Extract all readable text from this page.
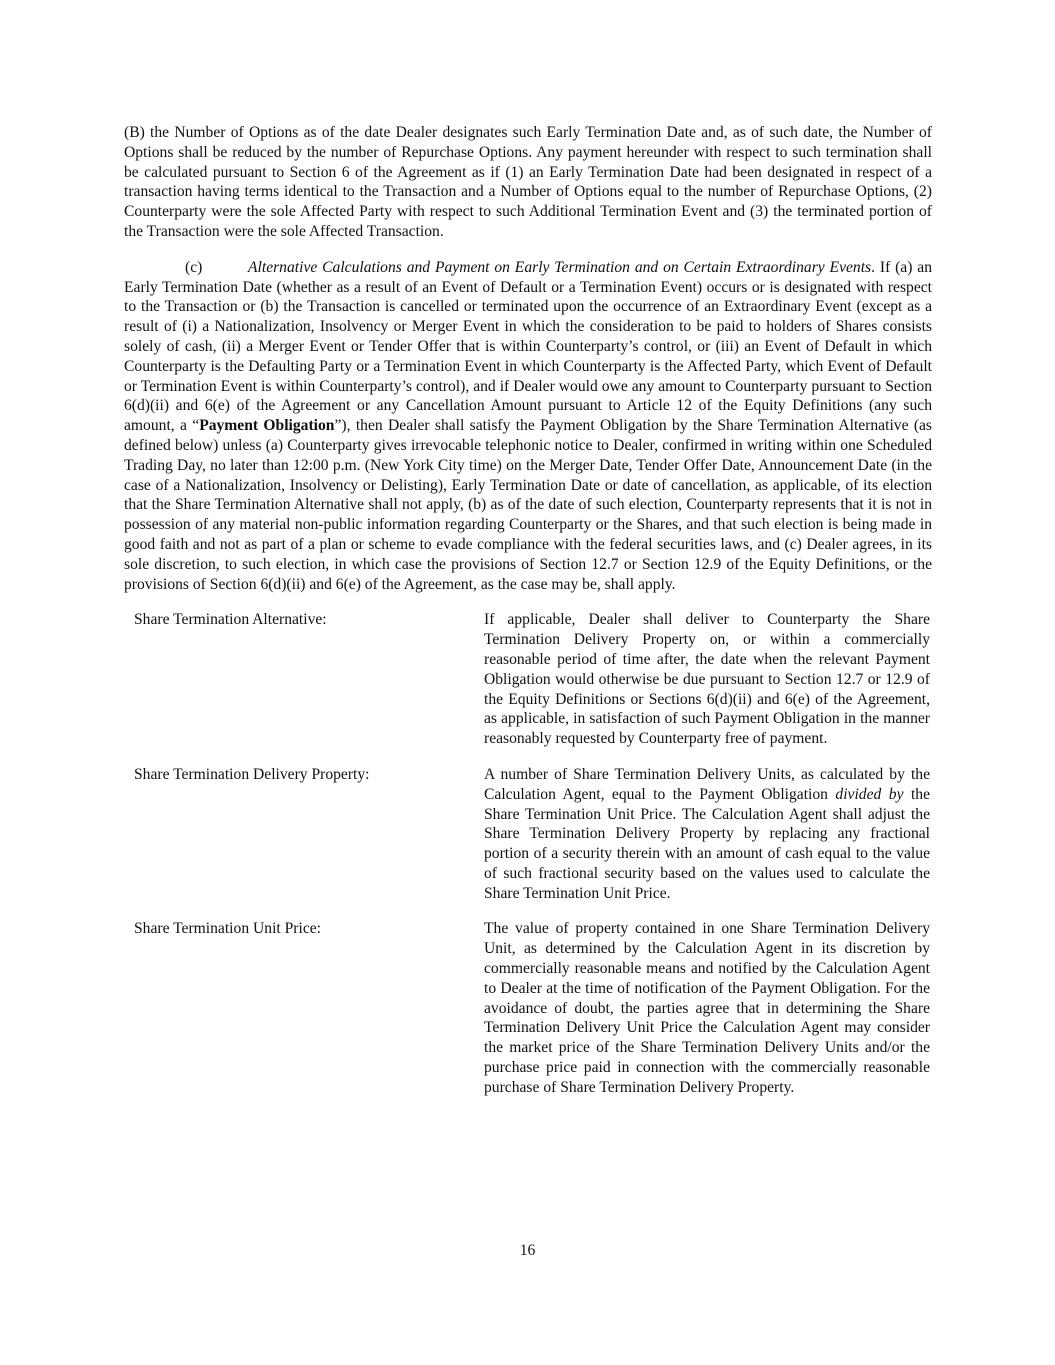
(B) the Number of Options as of the date Dealer designates such Early Termination Date and, as of such date, the Number of Options shall be reduced by the number of Repurchase Options. Any payment hereunder with respect to such termination shall be calculated pursuant to Section 6 of the Agreement as if (1) an Early Termination Date had been designated in respect of a transaction having terms identical to the Transaction and a Number of Options equal to the number of Repurchase Options, (2) Counterparty were the sole Affected Party with respect to such Additional Termination Event and (3) the terminated portion of the Transaction were the sole Affected Transaction.

(c)	Alternative Calculations and Payment on Early Termination and on Certain Extraordinary Events. If (a) an Early Termination Date (whether as a result of an Event of Default or a Termination Event) occurs or is designated with respect to the Transaction or (b) the Transaction is cancelled or terminated upon the occurrence of an Extraordinary Event (except as a result of (i) a Nationalization, Insolvency or Merger Event in which the consideration to be paid to holders of Shares consists solely of cash, (ii) a Merger Event or Tender Offer that is within Counterparty’s control, or (iii) an Event of Default in which Counterparty is the Defaulting Party or a Termination Event in which Counterparty is the Affected Party, which Event of Default or Termination Event is within Counterparty’s control), and if Dealer would owe any amount to Counterparty pursuant to Section 6(d)(ii) and 6(e) of the Agreement or any Cancellation Amount pursuant to Article 12 of the Equity Definitions (any such amount, a “Payment Obligation”), then Dealer shall satisfy the Payment Obligation by the Share Termination Alternative (as defined below) unless (a) Counterparty gives irrevocable telephonic notice to Dealer, confirmed in writing within one Scheduled Trading Day, no later than 12:00 p.m. (New York City time) on the Merger Date, Tender Offer Date, Announcement Date (in the case of a Nationalization, Insolvency or Delisting), Early Termination Date or date of cancellation, as applicable, of its election that the Share Termination Alternative shall not apply, (b) as of the date of such election, Counterparty represents that it is not in possession of any material non-public information regarding Counterparty or the Shares, and that such election is being made in good faith and not as part of a plan or scheme to evade compliance with the federal securities laws, and (c) Dealer agrees, in its sole discretion, to such election, in which case the provisions of Section 12.7 or Section 12.9 of the Equity Definitions, or the provisions of Section 6(d)(ii) and 6(e) of the Agreement, as the case may be, shall apply.

Share Termination Alternative:	If applicable, Dealer shall deliver to Counterparty the Share Termination Delivery Property on, or within a commercially reasonable period of time after, the date when the relevant Payment Obligation would otherwise be due pursuant to Section 12.7 or 12.9 of the Equity Definitions or Sections 6(d)(ii) and 6(e) of the Agreement, as applicable, in satisfaction of such Payment Obligation in the manner reasonably requested by Counterparty free of payment.
Share Termination Delivery Property:	A number of Share Termination Delivery Units, as calculated by the Calculation Agent, equal to the Payment Obligation divided by the Share Termination Unit Price. The Calculation Agent shall adjust the Share Termination Delivery Property by replacing any fractional portion of a security therein with an amount of cash equal to the value of such fractional security based on the values used to calculate the Share Termination Unit Price.
Share Termination Unit Price:	The value of property contained in one Share Termination Delivery Unit, as determined by the Calculation Agent in its discretion by commercially reasonable means and notified by the Calculation Agent to Dealer at the time of notification of the Payment Obligation. For the avoidance of doubt, the parties agree that in determining the Share Termination Delivery Unit Price the Calculation Agent may consider the market price of the Share Termination Delivery Units and/or the purchase price paid in connection with the commercially reasonable purchase of Share Termination Delivery Property.
16
